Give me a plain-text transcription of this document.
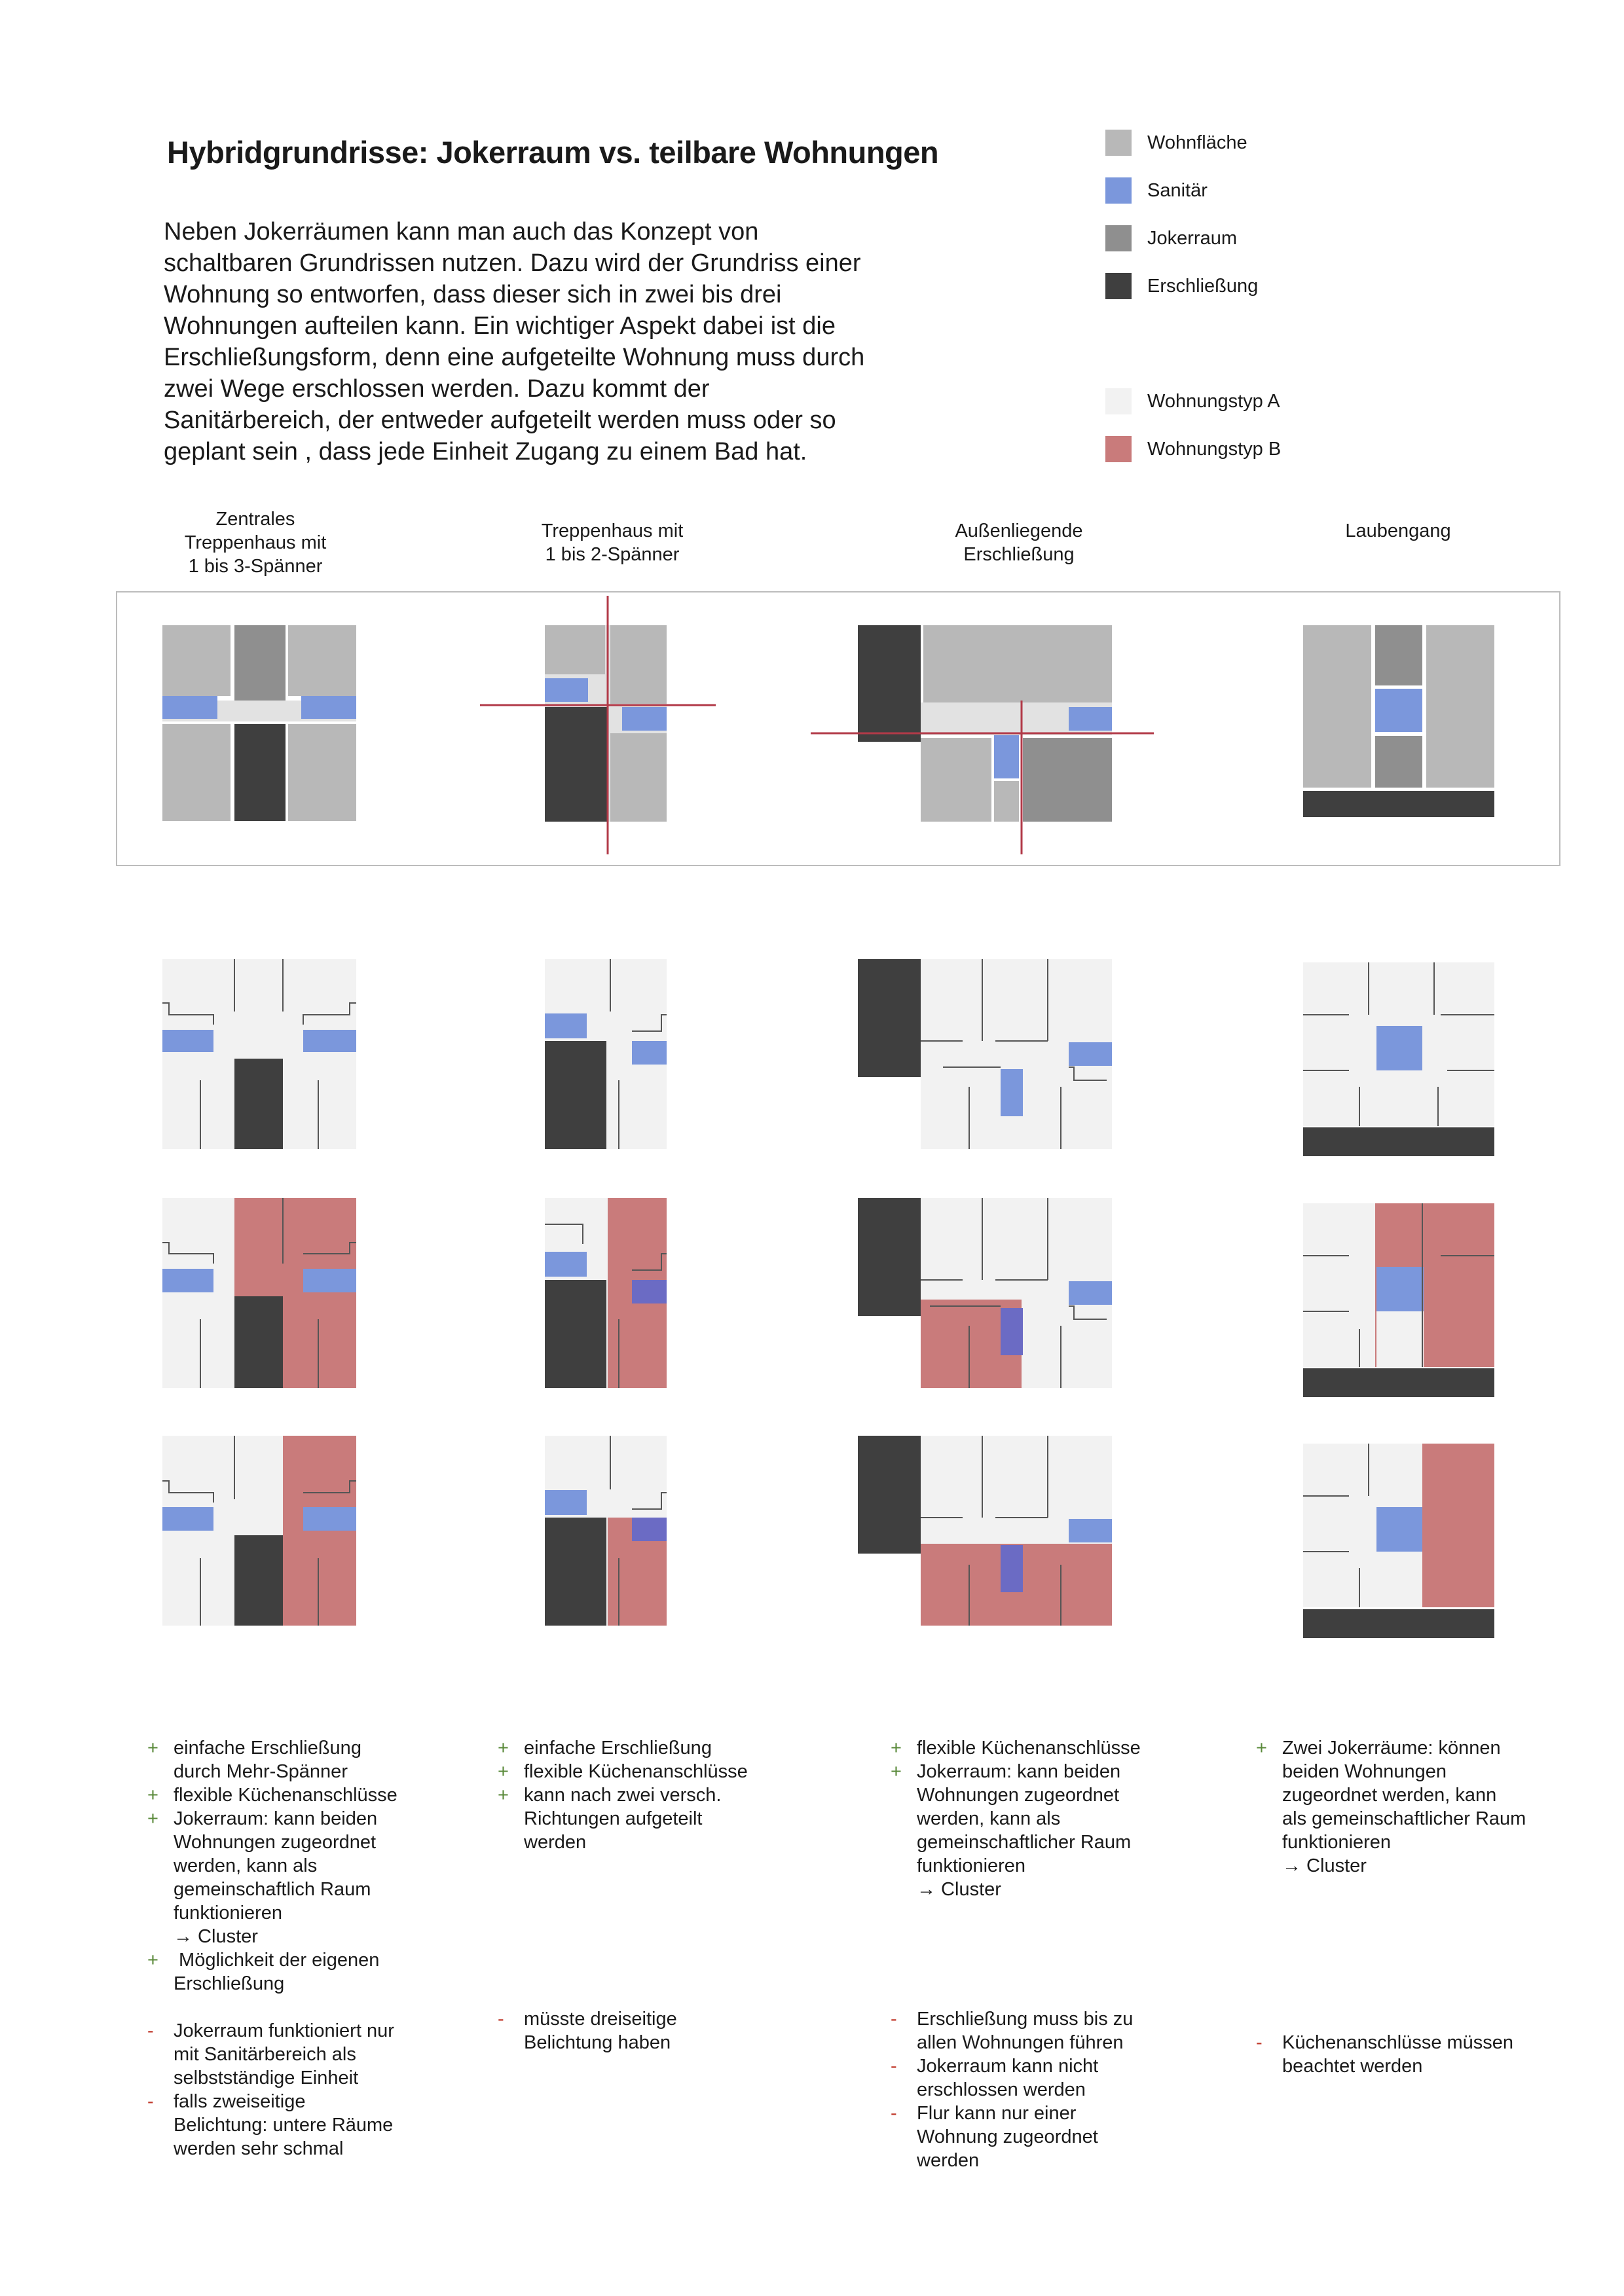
Hybridgrundrisse: Jokerraum vs. teilbare Wohnungen
Neben Jokerräumen kann man auch das Konzept von
schaltbaren Grundrissen nutzen. Dazu wird der Grundriss einer
Wohnung so entworfen, dass dieser sich in zwei bis drei
Wohnungen aufteilen kann. Ein wichtiger Aspekt dabei ist die
Erschließungsform, denn eine aufgeteilte Wohnung muss durch
zwei Wege erschlossen werden. Dazu kommt der
Sanitärbereich, der entweder aufgeteilt werden muss oder so
geplant sein , dass jede Einheit Zugang zu einem Bad hat.
Wohnfläche
Sanitär
Jokerraum
Erschließung
Wohnungstyp A
Wohnungstyp B
Zentrales
Treppenhaus mit
1 bis 3-Spänner
Treppenhaus mit
1 bis 2-Spänner
Außenliegende
Erschließung
Laubengang
+ einfache Erschließung
durch Mehr-Spänner
+ flexible Küchenanschlüsse
+ Jokerraum: kann beiden
Wohnungen zugeordnet
werden, kann als
gemeinschaftlich Raum
funktionieren
→ Cluster
+ Möglichkeit der eigenen
Erschließung
- Jokerraum funktioniert nur
mit Sanitärbereich als
selbstständige Einheit
- falls zweiseitige
Belichtung: untere Räume
werden sehr schmal
+ einfache Erschließung
+ flexible Küchenanschlüsse
+ kann nach zwei versch.
Richtungen aufgeteilt
werden
- müsste dreiseitige
Belichtung haben
+ flexible Küchenanschlüsse
+ Jokerraum: kann beiden
Wohnungen zugeordnet
werden, kann als
gemeinschaftlicher Raum
funktionieren
→ Cluster
- Erschließung muss bis zu
allen Wohnungen führen
- Jokerraum kann nicht
erschlossen werden
- Flur kann nur einer
Wohnung zugeordnet
werden
+ Zwei Jokerräume: können
beiden Wohnungen
zugeordnet werden, kann
als gemeinschaftlicher Raum
funktionieren
→ Cluster
- Küchenanschlüsse müssen
beachtet werden
